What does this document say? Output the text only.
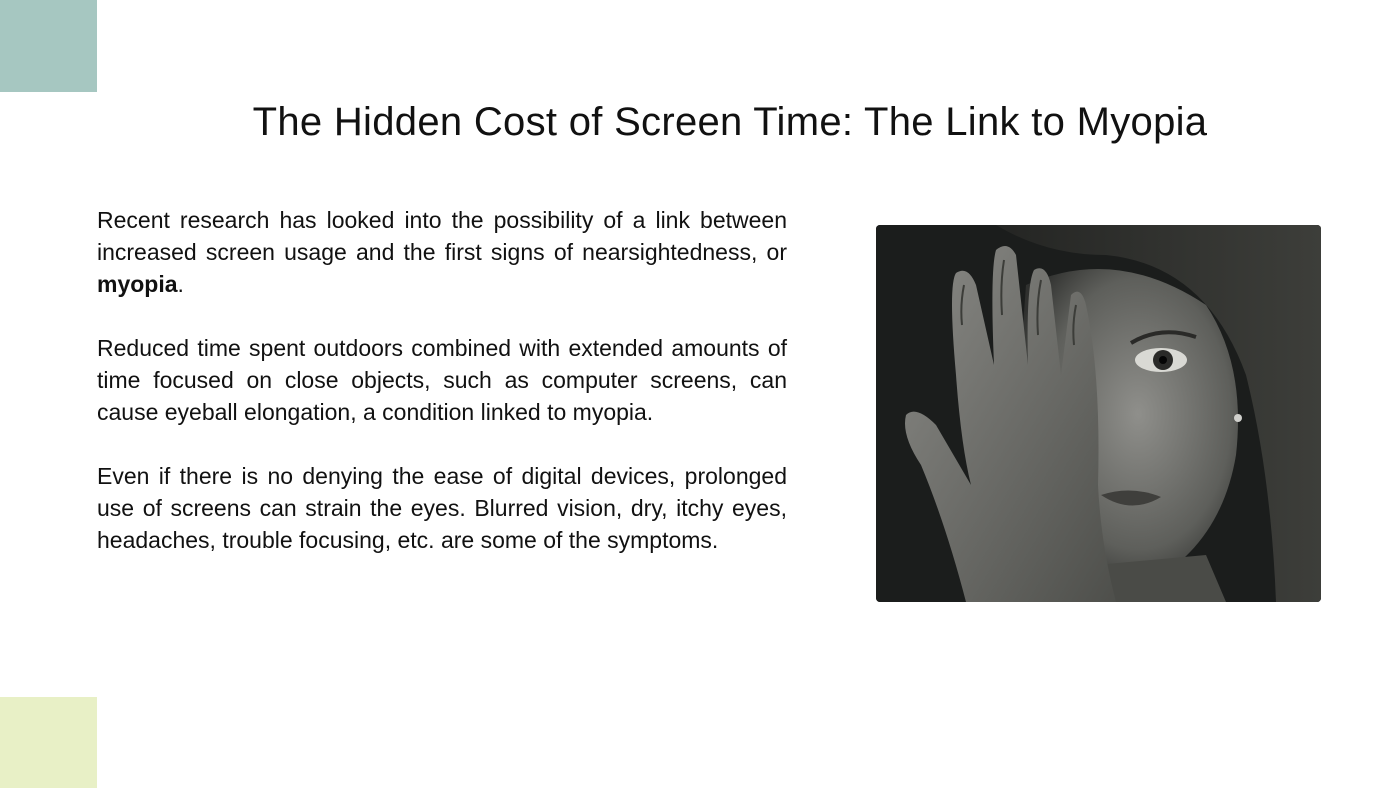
The Hidden Cost of Screen Time: The Link to Myopia

Recent research has looked into the possibility of a link between increased screen usage and the first signs of nearsightedness, or myopia.

Reduced time spent outdoors combined with extended amounts of time focused on close objects, such as computer screens, can cause eyeball elongation, a condition linked to myopia.

Even if there is no denying the ease of digital devices, prolonged use of screens can strain the eyes. Blurred vision, dry, itchy eyes, headaches, trouble focusing, etc. are some of the symptoms.
